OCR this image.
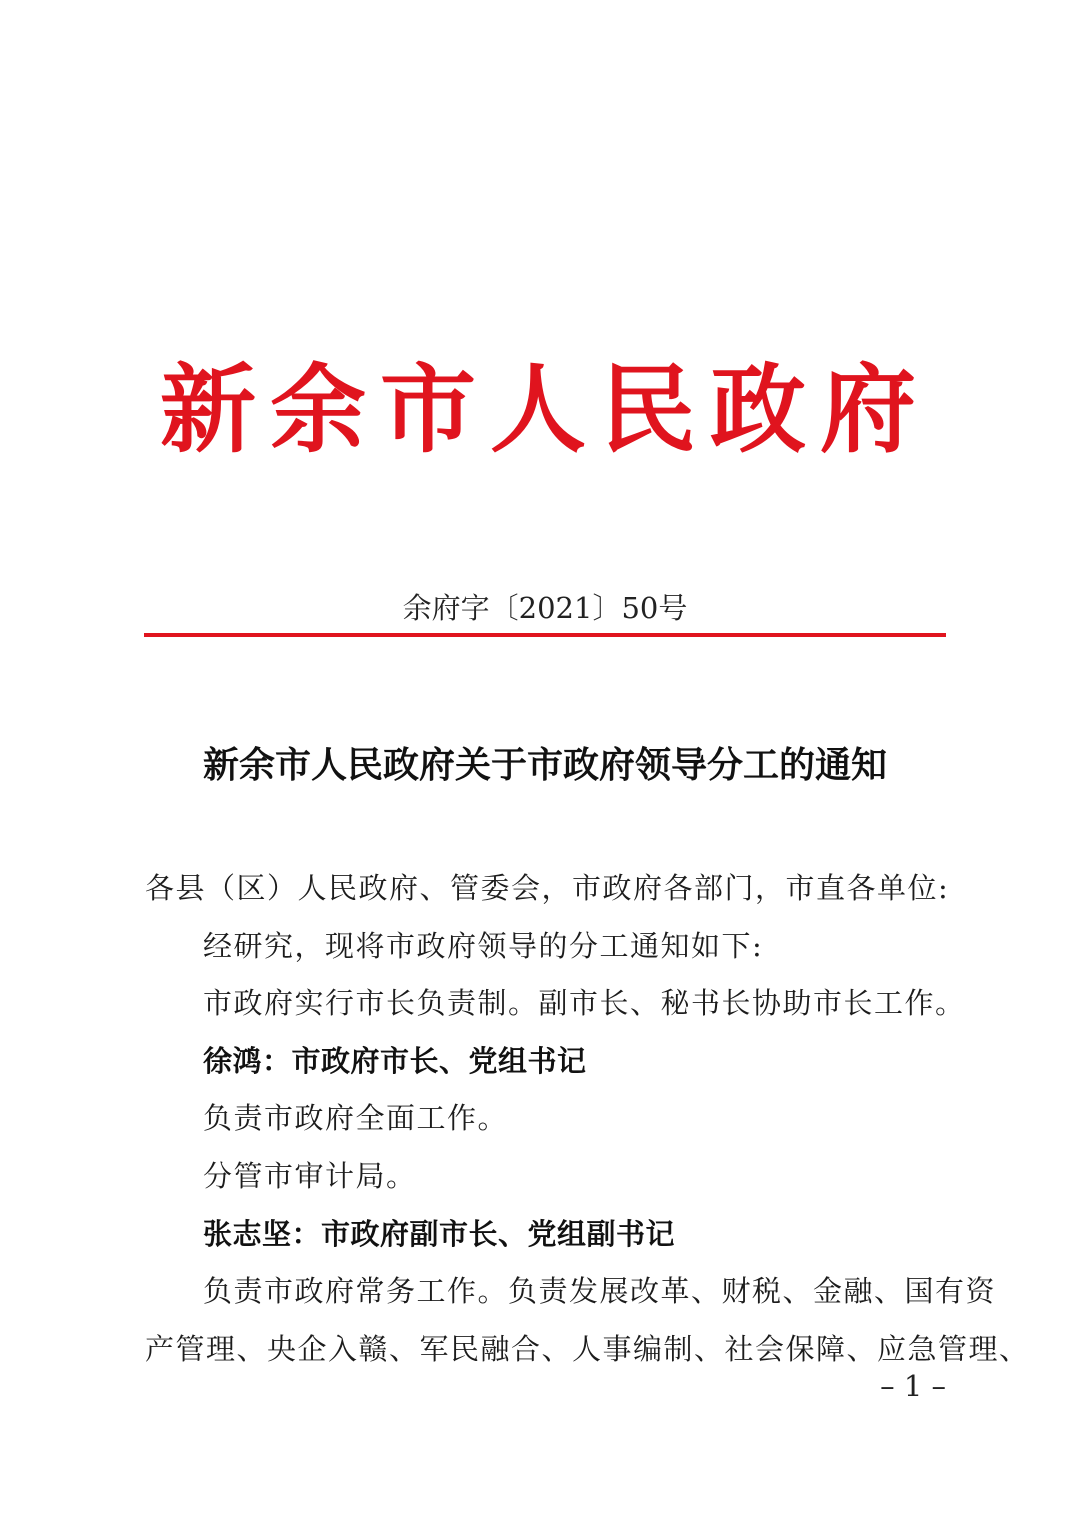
新余市人民政府
余府字〔2021〕50号
新余市人民政府关于市政府领导分工的通知
各县（区）人民政府、管委会，市政府各部门，市直各单位:
经研究，现将市政府领导的分工通知如下:
市政府实行市长负责制。副市长、秘书长协助市长工作。
徐鸿：市政府市长、党组书记
负责市政府全面工作。
分管市审计局。
张志坚：市政府副市长、党组副书记
负责市政府常务工作。负责发展改革、财税、金融、国有资
产管理、央企入赣、军民融合、人事编制、社会保障、应急管理、
– 1 –
